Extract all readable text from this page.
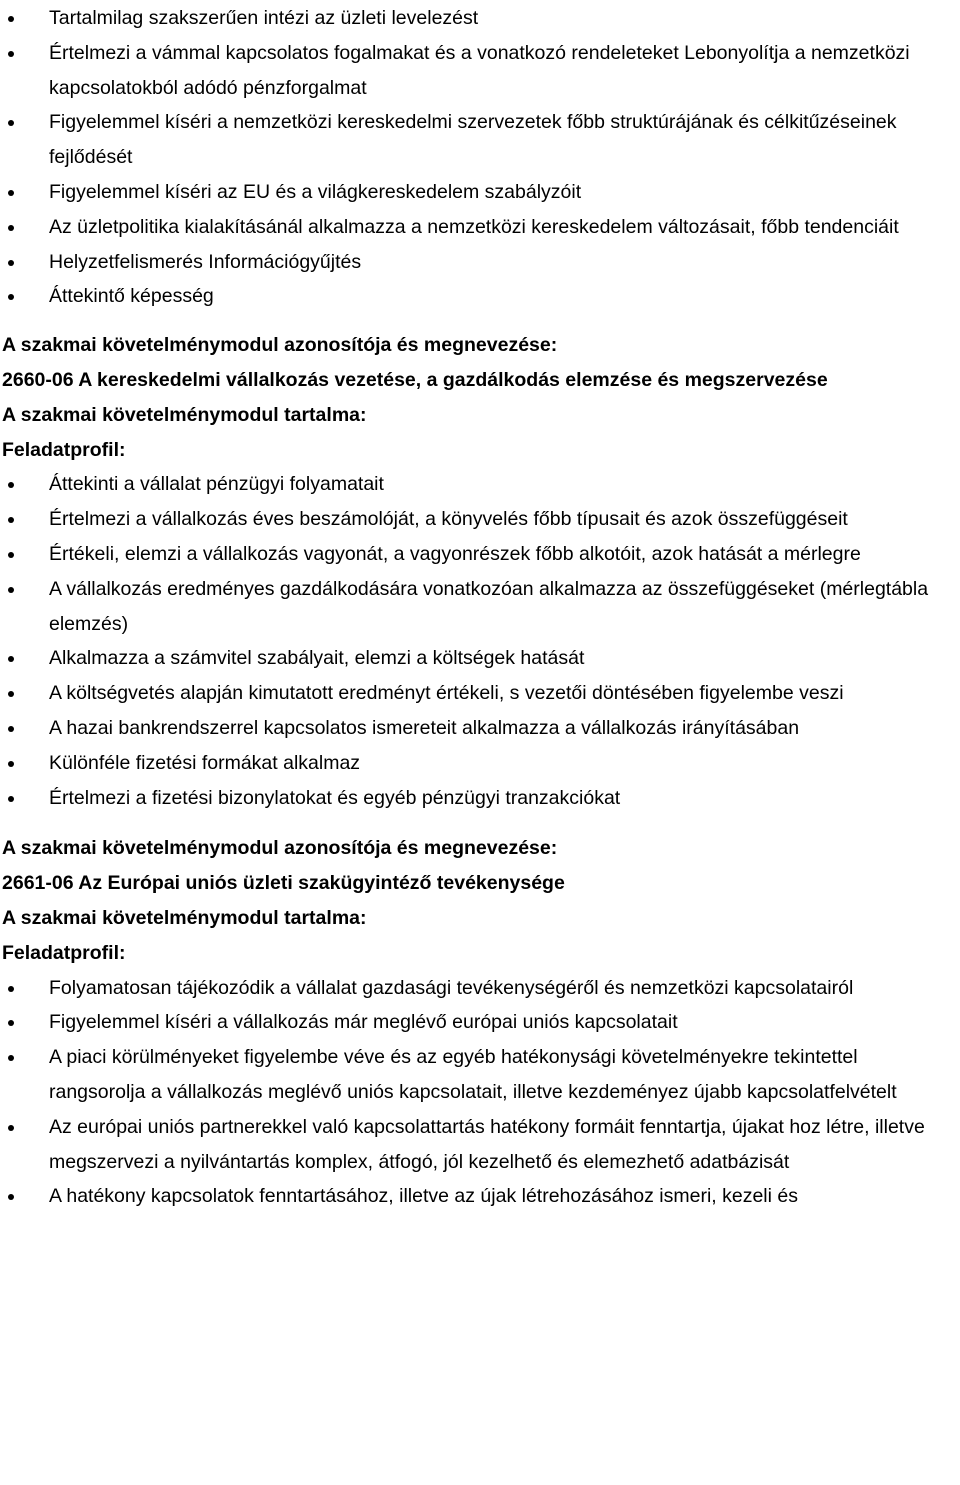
Tartalmilag szakszerűen intézi az üzleti levelezést
Értelmezi a vámmal kapcsolatos fogalmakat és a vonatkozó rendeleteket Lebonyolítja a nemzetközi kapcsolatokból adódó pénzforgalmat
Figyelemmel kíséri a nemzetközi kereskedelmi szervezetek főbb struktúrájának és célkitűzéseinek fejlődését
Figyelemmel kíséri az EU és a világkereskedelem szabályzóit
Az üzletpolitika kialakításánál alkalmazza a nemzetközi kereskedelem változásait, főbb tendenciáit
Helyzetfelismerés Információgyűjtés
Áttekintő képesség
A szakmai követelménymodul azonosítója és megnevezése:
2660-06 A kereskedelmi vállalkozás vezetése, a gazdálkodás elemzése és megszervezése
A szakmai követelménymodul tartalma:
Feladatprofil:
Áttekinti a vállalat pénzügyi folyamatait
Értelmezi a vállalkozás éves beszámolóját, a könyvelés főbb típusait és azok összefüggéseit
Értékeli, elemzi a vállalkozás vagyonát, a vagyonrészek főbb alkotóit, azok hatását a mérlegre
A vállalkozás eredményes gazdálkodására vonatkozóan alkalmazza az összefüggéseket (mérlegtábla elemzés)
Alkalmazza a számvitel szabályait, elemzi a költségek hatását
A költségvetés alapján kimutatott eredményt értékeli, s vezetői döntésében figyelembe veszi
A hazai bankrendszerrel kapcsolatos ismereteit alkalmazza a vállalkozás irányításában
Különféle fizetési formákat alkalmaz
Értelmezi a fizetési bizonylatokat és egyéb pénzügyi tranzakciókat
A szakmai követelménymodul azonosítója és megnevezése:
2661-06 Az Európai uniós üzleti szakügyintéző tevékenysége
A szakmai követelménymodul tartalma:
Feladatprofil:
Folyamatosan tájékozódik a vállalat gazdasági tevékenységéről és nemzetközi kapcsolatairól
Figyelemmel kíséri a vállalkozás már meglévő európai uniós kapcsolatait
A piaci körülményeket figyelembe véve és az egyéb hatékonysági követelményekre tekintettel rangsorolja a vállalkozás meglévő uniós kapcsolatait, illetve kezdeményez újabb kapcsolatfelvételt
Az európai uniós partnerekkel való kapcsolattartás hatékony formáit fenntartja, újakat hoz létre, illetve megszervezi a nyilvántartás komplex, átfogó, jól kezelhető és elemezhető adatbázisát
A hatékony kapcsolatok fenntartásához, illetve az újak létrehozásához ismeri, kezeli és
